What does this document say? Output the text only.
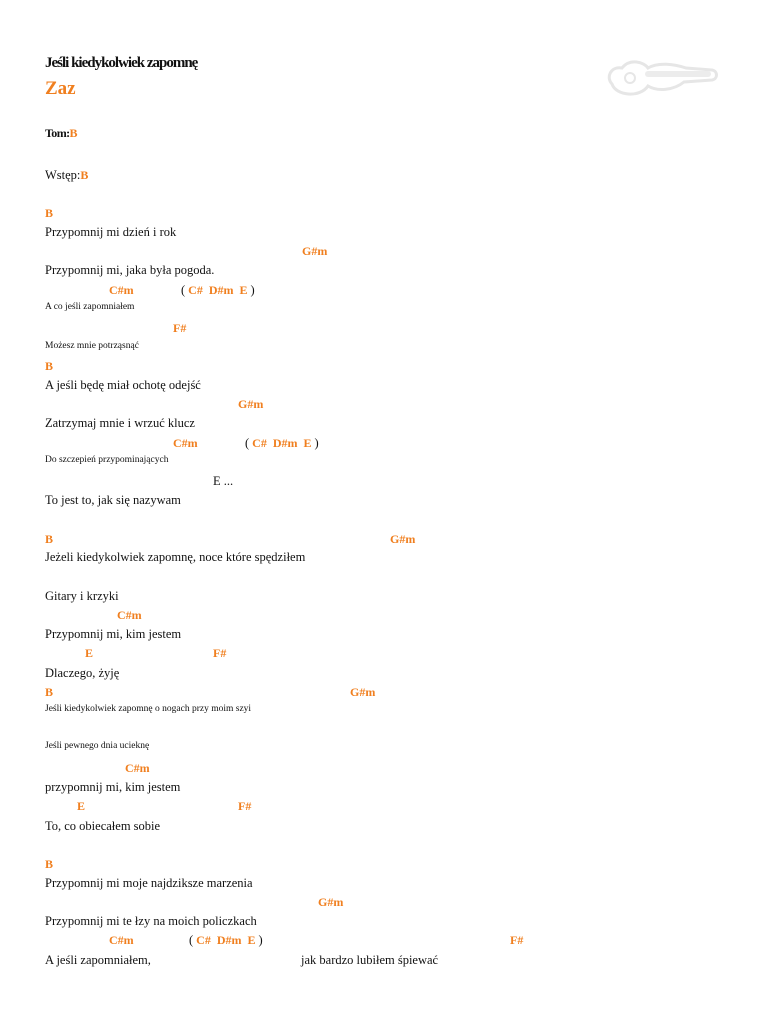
Jeśli kiedykolwiek zapomnę
Zaz
Tom:B
Wstęp:B
B
Przypomnij mi dzień i rok
G#m
Przypomnij mi, jaka była pogoda.
C#m	( C# D#m E )
A co jeśli zapomniałem
F#
Możesz mnie potrząsnąć
B
A jeśli będę miał ochotę odejść
G#m
Zatrzymaj mnie i wrzuć klucz
C#m	( C# D#m E )
Do szczepień przypominających
E ...
To jest to, jak się nazywam
B	G#m
Jeżeli kiedykolwiek zapomnę, noce które spędziłem
Gitary i krzyki
C#m
Przypomnij mi, kim jestem
E	F#
Dlaczego, żyję
B	G#m
Jeśli kiedykolwiek zapomnę o nogach przy moim szyi
Jeśli pewnego dnia ucieknę
C#m
przypomnij mi, kim jestem
E	F#
To, co obiecałem sobie
B
Przypomnij mi moje najdziksze marzenia
G#m
Przypomnij mi te łzy na moich policzkach
C#m	( C# D#m E )	F#
A jeśli zapomniałem,	jak bardzo lubiłem śpiewać
